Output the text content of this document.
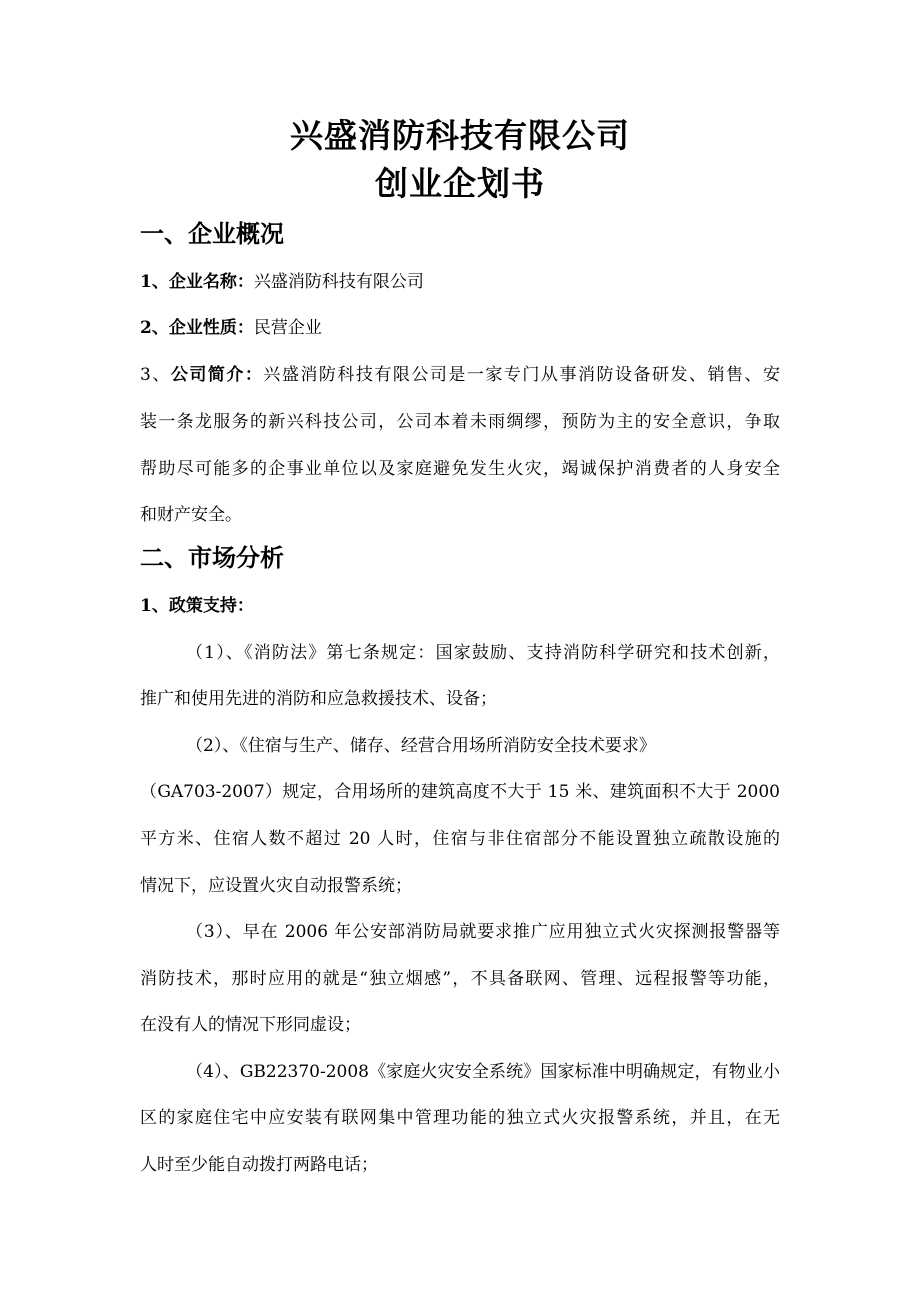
兴盛消防科技有限公司
创业企划书
一、企业概况
1、企业名称：兴盛消防科技有限公司
2、企业性质：民营企业
3、公司简介：兴盛消防科技有限公司是一家专门从事消防设备研发、销售、安
装一条龙服务的新兴科技公司，公司本着未雨绸缪，预防为主的安全意识，争取
帮助尽可能多的企事业单位以及家庭避免发生火灾，竭诚保护消费者的人身安全
和财产安全。
二、市场分析
1、政策支持：
（1）、《消防法》第七条规定：国家鼓励、支持消防科学研究和技术创新，
推广和使用先进的消防和应急救援技术、设备；
（2）、《住宿与生产、储存、经营合用场所消防安全技术要求》
（GA703-2007）规定，合用场所的建筑高度不大于 15 米、建筑面积不大于 2000
平方米、住宿人数不超过 20 人时，住宿与非住宿部分不能设置独立疏散设施的
情况下，应设置火灾自动报警系统；
（3）、早在 2006 年公安部消防局就要求推广应用独立式火灾探测报警器等
消防技术，那时应用的就是“独立烟感”，不具备联网、管理、远程报警等功能，
在没有人的情况下形同虚设；
（4）、GB22370-2008《家庭火灾安全系统》国家标准中明确规定，有物业小
区的家庭住宅中应安装有联网集中管理功能的独立式火灾报警系统，并且，在无
人时至少能自动拨打两路电话；
